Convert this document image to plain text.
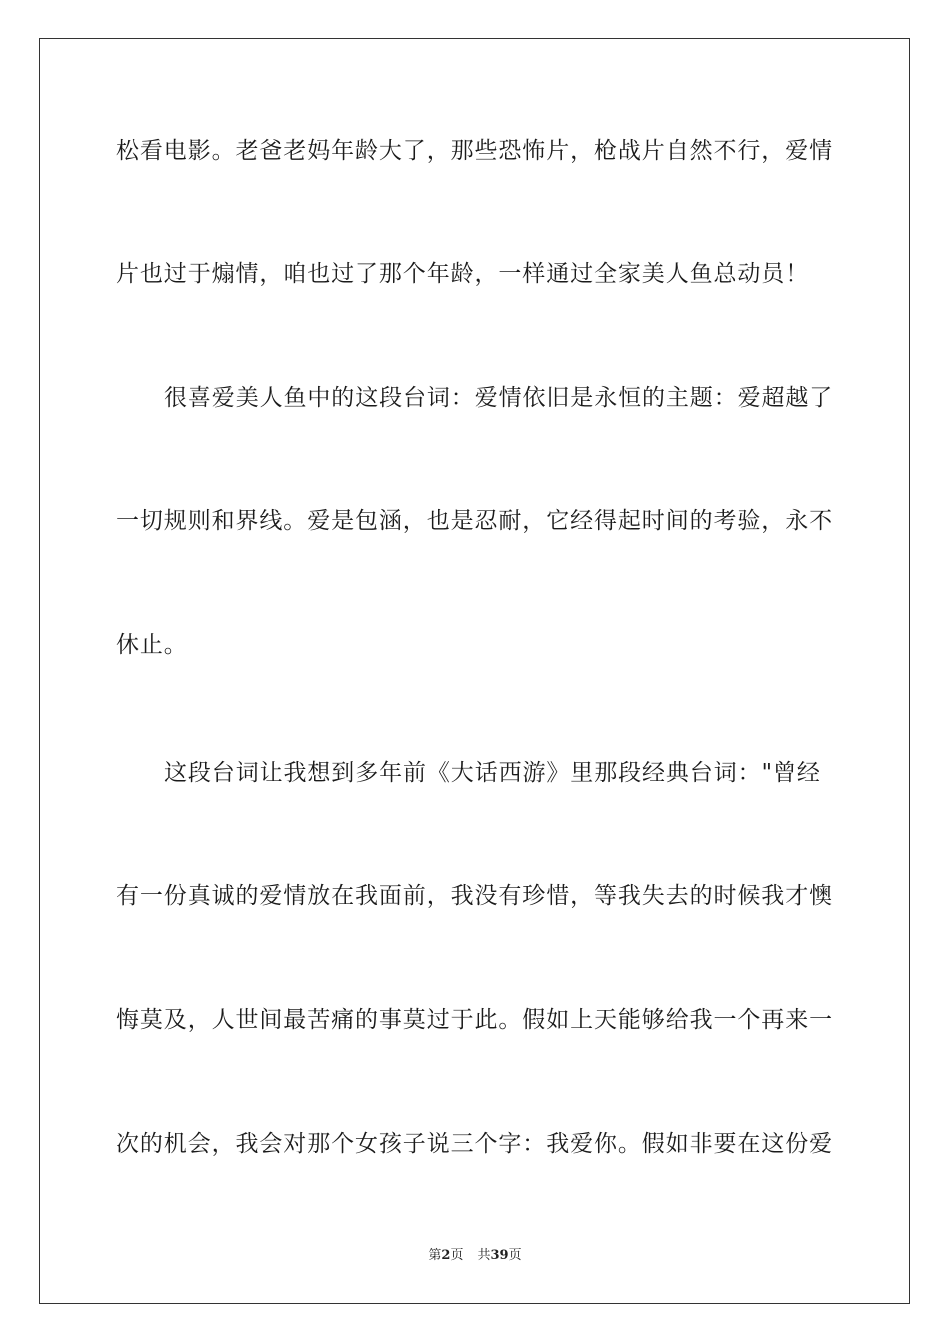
松看电影。老爸老妈年龄大了，那些恐怖片，枪战片自然不行，爱情
片也过于煽情，咱也过了那个年龄，一样通过全家美人鱼总动员！
很喜爱美人鱼中的这段台词：爱情依旧是永恒的主题：爱超越了
一切规则和界线。爱是包涵，也是忍耐，它经得起时间的考验，永不
休止。
这段台词让我想到多年前《大话西游》里那段经典台词："曾经
有一份真诚的爱情放在我面前，我没有珍惜，等我失去的时候我才懊
悔莫及，人世间最苦痛的事莫过于此。假如上天能够给我一个再来一
次的机会，我会对那个女孩子说三个字：我爱你。假如非要在这份爱
第2页 共39页
